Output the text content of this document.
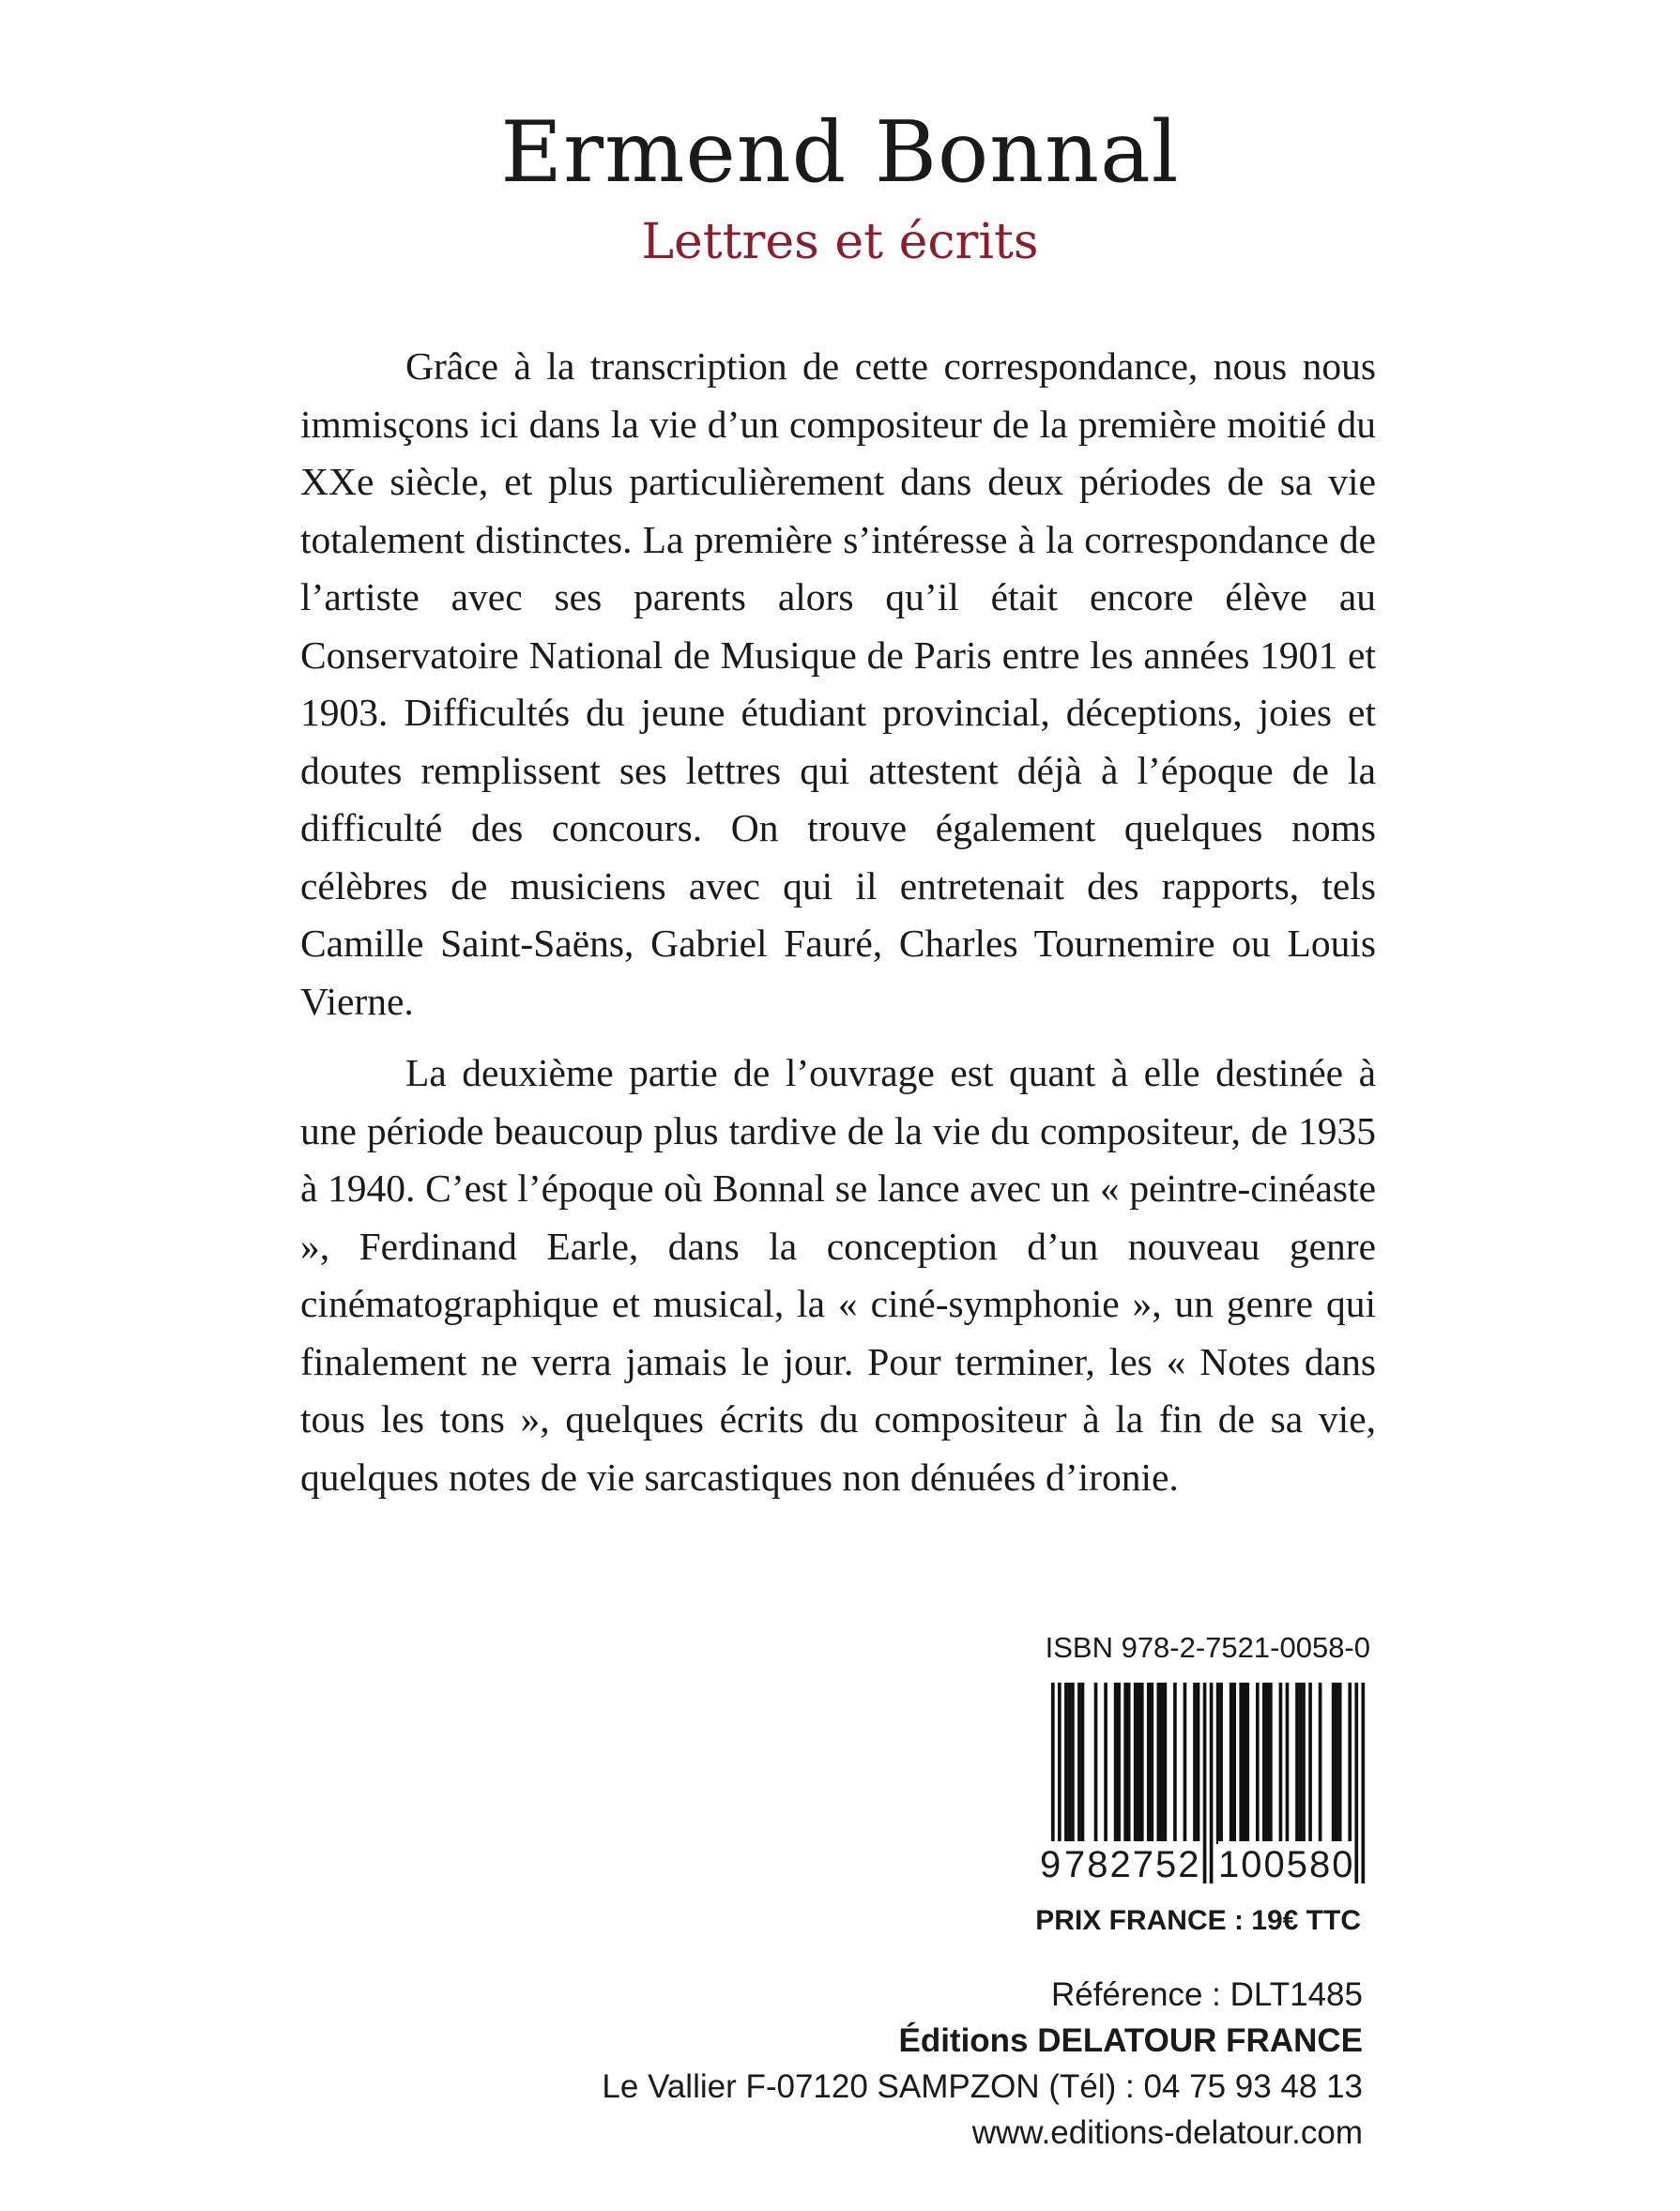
Ermend Bonnal
Lettres et écrits

Grâce à la transcription de cette correspondance, nous nous immisçons ici dans la vie d’un compositeur de la première moitié du XXe siècle, et plus particulièrement dans deux périodes de sa vie totalement distinctes. La première s’intéresse à la correspondance de l’artiste avec ses parents alors qu’il était encore élève au Conservatoire National de Musique de Paris entre les années 1901 et 1903. Difficultés du jeune étudiant provincial, déceptions, joies et doutes remplissent ses lettres qui attestent déjà à l’époque de la difficulté des concours. On trouve également quelques noms célèbres de musiciens avec qui il entretenait des rapports, tels Camille Saint-Saëns, Gabriel Fauré, Charles Tournemire ou Louis Vierne.

La deuxième partie de l’ouvrage est quant à elle destinée à une période beaucoup plus tardive de la vie du compositeur, de 1935 à 1940. C’est l’époque où Bonnal se lance avec un « peintre-cinéaste », Ferdinand Earle, dans la conception d’un nouveau genre cinématographique et musical, la « ciné-symphonie », un genre qui finalement ne verra jamais le jour. Pour terminer, les « Notes dans tous les tons », quelques écrits du compositeur à la fin de sa vie, quelques notes de vie sarcastiques non dénuées d’ironie.

ISBN 978-2-7521-0058-0
9 782752 100580
PRIX FRANCE : 19€ TTC
Référence : DLT1485
Éditions DELATOUR FRANCE
Le Vallier F-07120 SAMPZON (Tél) : 04 75 93 48 13
www.editions-delatour.com
